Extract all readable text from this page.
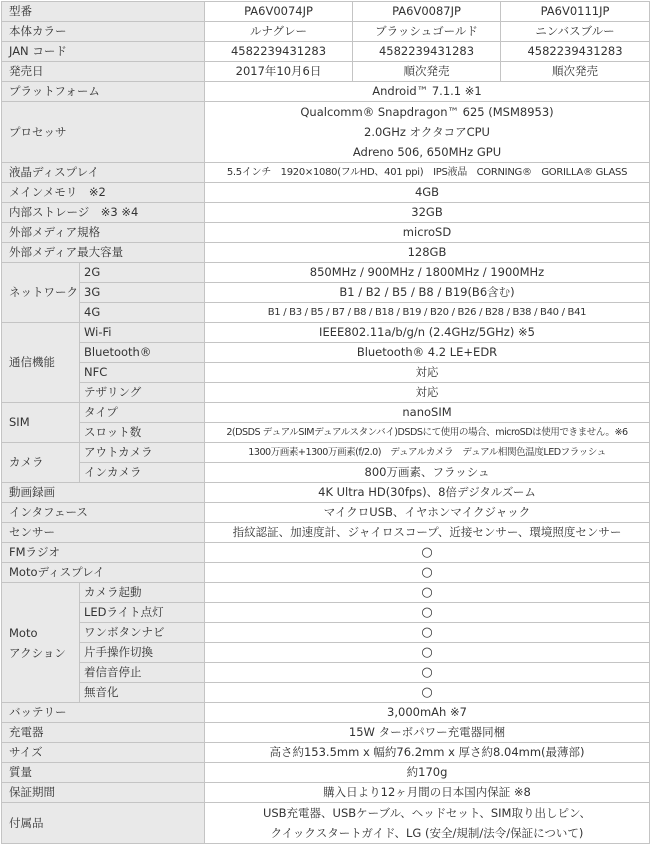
型番		PA6V0074JP	PA6V0087JP	PA6V0111JP
本体カラー		ルナグレー	ブラッシュゴールド	ニンバスブルー
JAN コード		4582239431283	4582239431283	4582239431283
発売日		2017年10月6日	順次発売	順次発売
プラットフォーム		Android™ 7.1.1 ※1		
プロセッサ		Qualcomm® Snapdragon™ 625 (MSM8953)
2.0GHz オクタコアCPU
Adreno 506, 650MHz GPU		

液晶ディスプレイ		5.5インチ　1920×1080(フルHD、401 ppi)　IPS液晶　CORNING®　GORILLA® GLASS		
メインメモリ　※2		4GB		
内部ストレージ　※3 ※4		32GB		
外部メディア規格		microSD		
外部メディア最大容量		128GB		
ネットワーク	2G	850MHz / 900MHz / 1800MHz / 1900MHz		
	3G	B1 / B2 / B5 / B8 / B19(B6含む)		
	4G	B1 / B3 / B5 / B7 / B8 / B18 / B19 / B20 / B26 / B28 / B38 / B40 / B41		
通信機能	Wi-Fi	IEEE802.11a/b/g/n (2.4GHz/5GHz) ※5		
	Bluetooth®	Bluetooth® 4.2 LE+EDR		
	NFC	対応		
	テザリング	対応		
SIM	タイプ	nanoSIM		
	スロット数	2(DSDS デュアルSIMデュアルスタンバイ)DSDSにて使用の場合、microSDは使用できません。※6		
カメラ	アウトカメラ	1300万画素+1300万画素(f/2.0)　デュアルカメラ　デュアル相関色温度LEDフラッシュ		
	インカメラ	800万画素、フラッシュ		
動画録画		4K Ultra HD(30fps)、8倍デジタルズーム		
インタフェース		マイクロUSB、イヤホンマイクジャック		
センサー		指紋認証、加速度計、ジャイロスコープ、近接センサー、環境照度センサー		
FMラジオ		○		
Motoディスプレイ		○		

Moto
アクション	カメラ起動	○		
	LEDライト点灯	○		
	ワンボタンナビ	○		
	片手操作切換	○		
	着信音停止	○		
	無音化	○		
バッテリー		3,000mAh ※7		
充電器		15W ターボパワー充電器同梱		
サイズ		高さ約153.5mm x 幅約76.2mm x 厚さ約8.04mm(最薄部)		
質量		約170g		
保証期間		購入日より12ヶ月間の日本国内保証 ※8		
付属品		USB充電器、USBケーブル、ヘッドセット、SIM取り出しピン、
クイックスタートガイド、LG (安全/規制/法令/保証について)		
